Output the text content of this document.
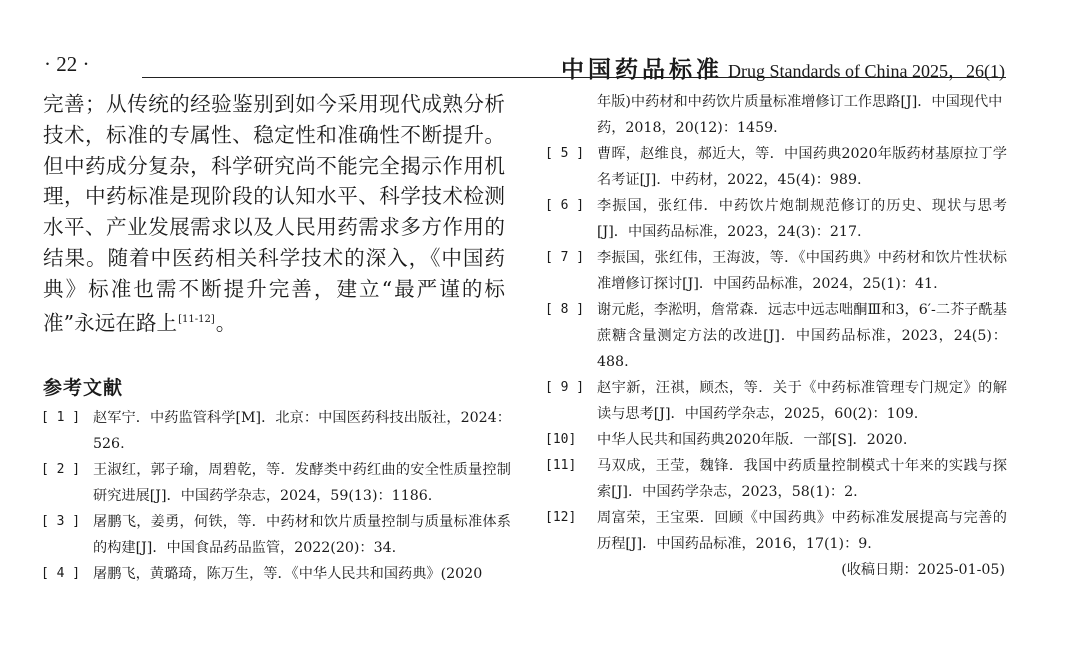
· 22 ·	中国药品标准 Drug Standards of China 2025，26(1)

完善；从传统的经验鉴别到如今采用现代成熟分析技术，标准的专属性、稳定性和准确性不断提升。但中药成分复杂，科学研究尚不能完全揭示作用机理，中药标准是现阶段的认知水平、科学技术检测水平、产业发展需求以及人民用药需求多方作用的结果。随着中医药相关科学技术的深入，《中国药典》标准也需不断提升完善，建立“最严谨的标准”永远在路上[11-12]。

参考文献
[ 1 ] 赵军宁．中药监管科学[M]．北京：中国医药科技出版社，2024：526.
[ 2 ] 王淑红，郭子瑜，周碧乾，等．发酵类中药红曲的安全性质量控制研究进展[J]．中国药学杂志，2024，59(13)：1186.
[ 3 ] 屠鹏飞，姜勇，何铁，等．中药材和饮片质量控制与质量标准体系的构建[J]．中国食品药品监管，2022(20)：34.
[ 4 ] 屠鹏飞，黄璐琦，陈万生，等．《中华人民共和国药典》(2020
年版)中药材和中药饮片质量标准增修订工作思路[J]．中国现代中药，2018，20(12)：1459.
[ 5 ] 曹晖，赵维良，郝近大，等．中国药典2020年版药材基原拉丁学名考证[J]．中药材，2022，45(4)：989.
[ 6 ] 李振国，张红伟．中药饮片炮制规范修订的历史、现状与思考[J]．中国药品标准，2023，24(3)：217.
[ 7 ] 李振国，张红伟，王海波，等．《中国药典》中药材和饮片性状标准增修订探讨[J]．中国药品标准，2024，25(1)：41.
[ 8 ] 谢元彪，李淞明，詹常森．远志中远志咄酮Ⅲ和3，6′-二芥子酰基蔗糖含量测定方法的改进[J]．中国药品标准，2023，24(5)：488.
[ 9 ] 赵宇新，汪祺，顾杰，等．关于《中药标准管理专门规定》的解读与思考[J]．中国药学杂志，2025，60(2)：109.
[10]	中华人民共和国药典2020年版．一部[S]．2020.
[11]	马双成，王莹，魏锋．我国中药质量控制模式十年来的实践与探索[J]．中国药学杂志，2023，58(1)：2.
[12]	周富荣，王宝栗．回顾《中国药典》中药标准发展提高与完善的历程[J]．中国药品标准，2016，17(1)：9.
(收稿日期：2025-01-05)
